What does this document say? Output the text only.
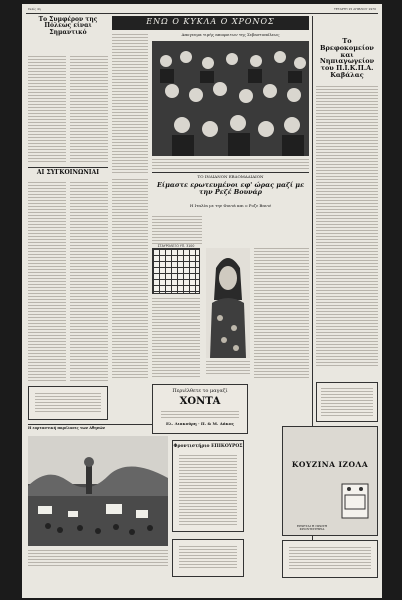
Σελίς 4η	ΤΕΤΑΡΤΗ 15 ΑΠΡΙΛΙΟΥ 1970
Το Συμφέρον της Πόλεως είναι Σημαντικό
ΑΙ ΣΥΓΚΟΙΝΩΝΙΑΙ
Η εορταστική παρέλασις των Αθηνών
ΕΝΩ Ο ΚΥΚΛΑ Ο ΧΡΟΝΟΣ
Απογευμα τιμής αποφοιτων της Σεβαστοπόλεως
ΤΟ ΙΝΔΙΑΝΟΝ ΕΒΔΟΜΑΔΙΑΙΟΝ
Είμαστε ερωτευμένοι εφ' ώρας μαζί με την Ρεζέ Βουνάρ
Η Ιταλία με την Φονιά και ο Ροζε Βανιέ
ΣΤΑΥΡΟΛΕΞΟ ΥΠ. 3100
Περιέλθετε το μαγαζί
ΧΟΝΤΑ
Ελ. Λιακούρη · Π. & Μ. Δάκος
Φροντιστήριο ΕΠΙΚΟΥΡΟΣ
Το Βρεφοκομείον και Νηπιαγωγείον του Π.Ι.Κ.Π.Α. Καβάλας
ΚΟΥΖΙΝΑ ΙΖΟΛΑ
ΕΡΧΕΤΑΙ Η ΠΡΩΤΗ ΦΡΟΝΤΙΣΤΗΡΙΑ
